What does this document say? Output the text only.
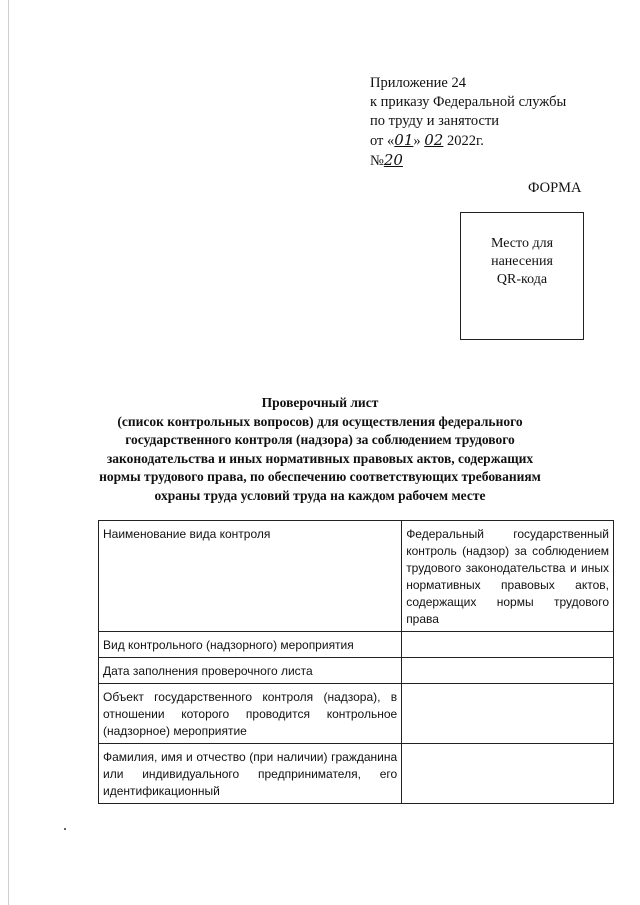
Приложение 24
к приказу Федеральной службы
по труду и занятости
от «01» 02 2022г.
№20
ФОРМА
Место для
нанесения
QR-кода
Проверочный лист
(список контрольных вопросов) для осуществления федерального
государственного контроля (надзора) за соблюдением трудового
законодательства и иных нормативных правовых актов, содержащих
нормы трудового права, по обеспечению соответствующих требованиям
охраны труда условий труда на каждом рабочем месте
Наименование вида контроля	Федеральный государственный контроль (надзор) за соблюдением трудового законодательства и иных нормативных правовых актов, содержащих нормы трудового права
Вид контрольного (надзорного) мероприятия	
Дата заполнения проверочного листа	
Объект государственного контроля (надзора), в отношении которого проводится контрольное (надзорное) мероприятие	
Фамилия, имя и отчество (при наличии) гражданина или индивидуального предпринимателя, его идентификационный	
